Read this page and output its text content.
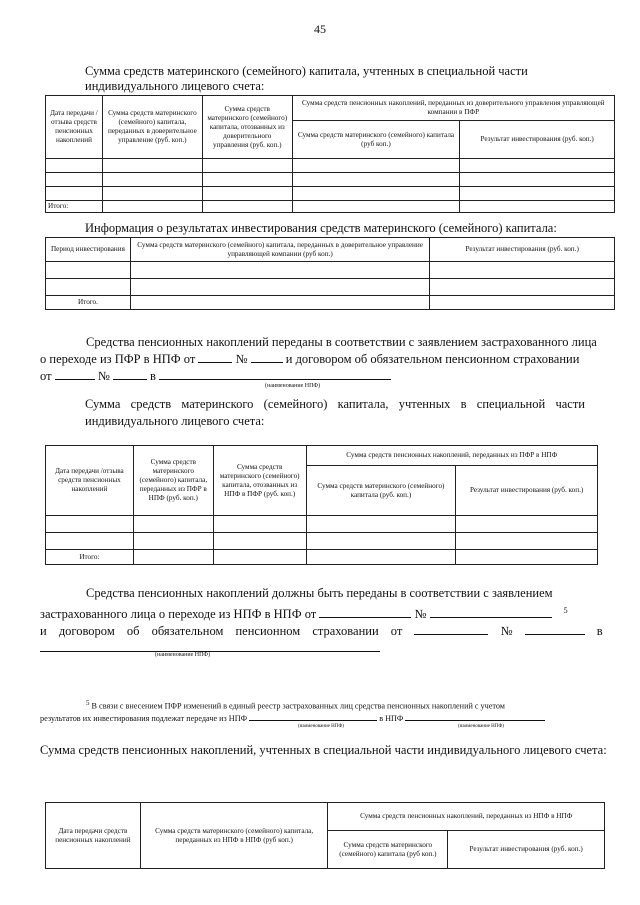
45
Сумма средств материнского (семейного) капитала, учтенных в специальной части индивидуального лицевого счета:
Дата передачи /отзыва средств пенсионных накоплений	Сумма средств материнского (семейного) капитала, переданных в доверительное управление (руб. коп.)	Сумма средств материнского (семейного) капитала, отозванных из доверительного управления (руб. коп.)	Сумма средств пенсионных накоплений, переданных из доверительного управления управляющей компании в ПФР	
			Сумма средств материнского (семейного) капитала (руб коп.)	Результат инвестирования (руб. коп.)

Итого:				
Информация о результатах инвестирования средств материнского (семейного) капитала:
Период инвестирования	Сумма средств материнского (семейного) капитала, переданных в доверительное управление управляющей компании (руб коп.)	Результат инвестирования (руб. коп.)

Итого.		
Средства пенсионных накоплений переданы в соответствии с заявлением застрахованного лица
о переходе из ПФР в НПФ от	№	и договором об обязательном пенсионном страховании
от	№	в
(наименование НПФ)
Сумма средств материнского (семейного) капитала, учтенных в специальной части индивидуального лицевого счета:
Дата передачи /отзыва средств пенсионных накоплений	Сумма средств материнского (семейного) капитала, переданных из ПФР в НПФ (руб. коп.)	Сумма средств материнского (семейного) капитала, отозванных из НПФ в ПФР (руб. коп.)	Сумма средств пенсионных накоплений, переданных из ПФР в НПФ	
			Сумма средств материнского (семейного) капитала (руб. коп.)	Результат инвестирования (руб. коп.)

Итого:				
Средства пенсионных накоплений должны быть переданы в соответствии с заявлением
застрахованного лица о переходе из НПФ в НПФ от	№	$^5$
и договором об обязательном пенсионном страховании от	№	в
(наименование НПФ)
$^5$ В связи с внесением ПФР изменений в единый реестр застрахованных лиц средства пенсионных накоплений с учетом
результатов их инвестирования подлежат передаче из НПФ	в НПФ
(наименование НПФ)	(наименование НПФ)
Сумма средств пенсионных накоплений, учтенных в специальной части индивидуального лицевого счета:
Дата передачи средств пенсионных накоплений	Сумма средств материнского (семейного) капитала, переданных из НПФ в НПФ (руб коп.)	Сумма средств пенсионных накоплений, переданных из НПФ в НПФ	
		Сумма средств материнского (семейного) капитала (руб коп.)	Результат инвестирования (руб. коп.)
